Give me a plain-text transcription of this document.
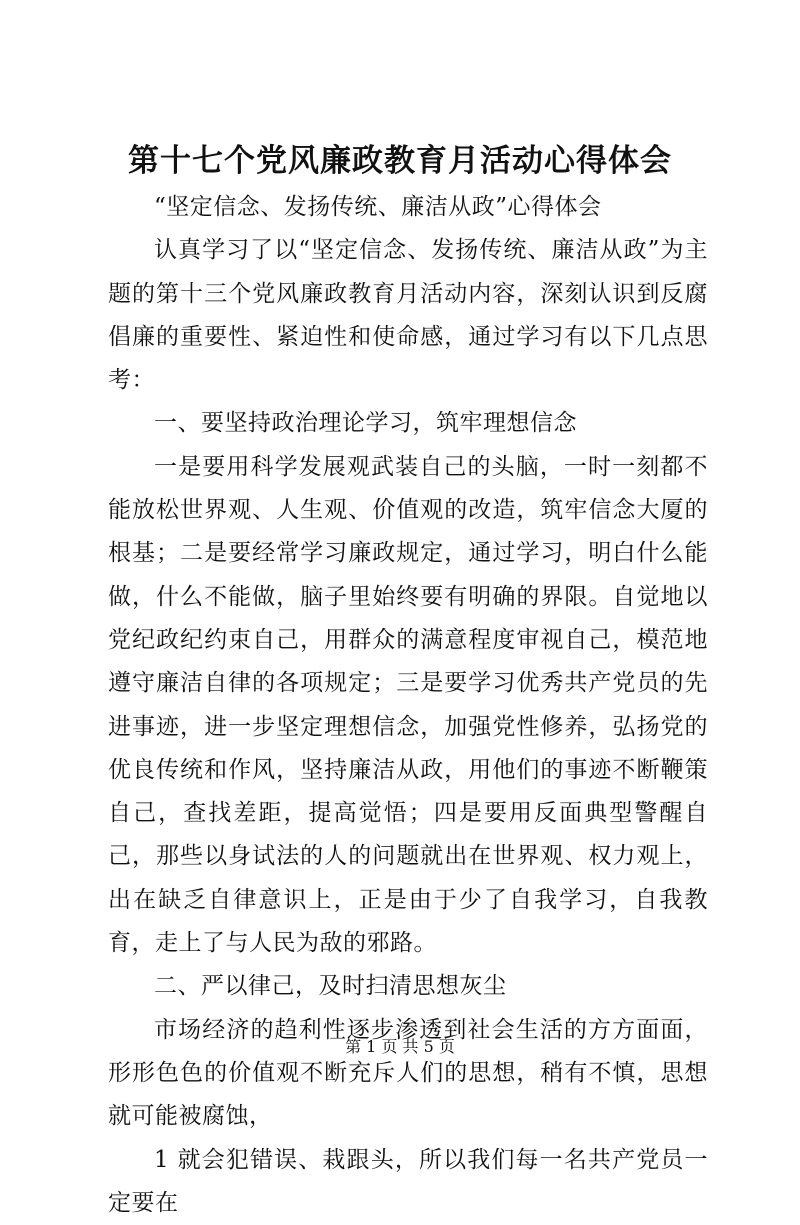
第十七个党风廉政教育月活动心得体会

“坚定信念、发扬传统、廉洁从政”心得体会

认真学习了以“坚定信念、发扬传统、廉洁从政”为主题的第十三个党风廉政教育月活动内容，深刻认识到反腐倡廉的重要性、紧迫性和使命感，通过学习有以下几点思考：

一、要坚持政治理论学习，筑牢理想信念

一是要用科学发展观武装自己的头脑，一时一刻都不能放松世界观、人生观、价值观的改造，筑牢信念大厦的根基；二是要经常学习廉政规定，通过学习，明白什么能做，什么不能做，脑子里始终要有明确的界限。自觉地以党纪政纪约束自己，用群众的满意程度审视自己，模范地遵守廉洁自律的各项规定；三是要学习优秀共产党员的先进事迹，进一步坚定理想信念，加强党性修养，弘扬党的优良传统和作风，坚持廉洁从政，用他们的事迹不断鞭策自己，查找差距，提高觉悟；四是要用反面典型警醒自己，那些以身试法的人的问题就出在世界观、权力观上，出在缺乏自律意识上，正是由于少了自我学习，自我教育，走上了与人民为敌的邪路。

二、严以律己，及时扫清思想灰尘

市场经济的趋利性逐步渗透到社会生活的方方面面，形形色色的价值观不断充斥人们的思想，稍有不慎，思想就可能被腐蚀，

1 就会犯错误、栽跟头，所以我们每一名共产党员一定要在

第 1 页 共 5 页
